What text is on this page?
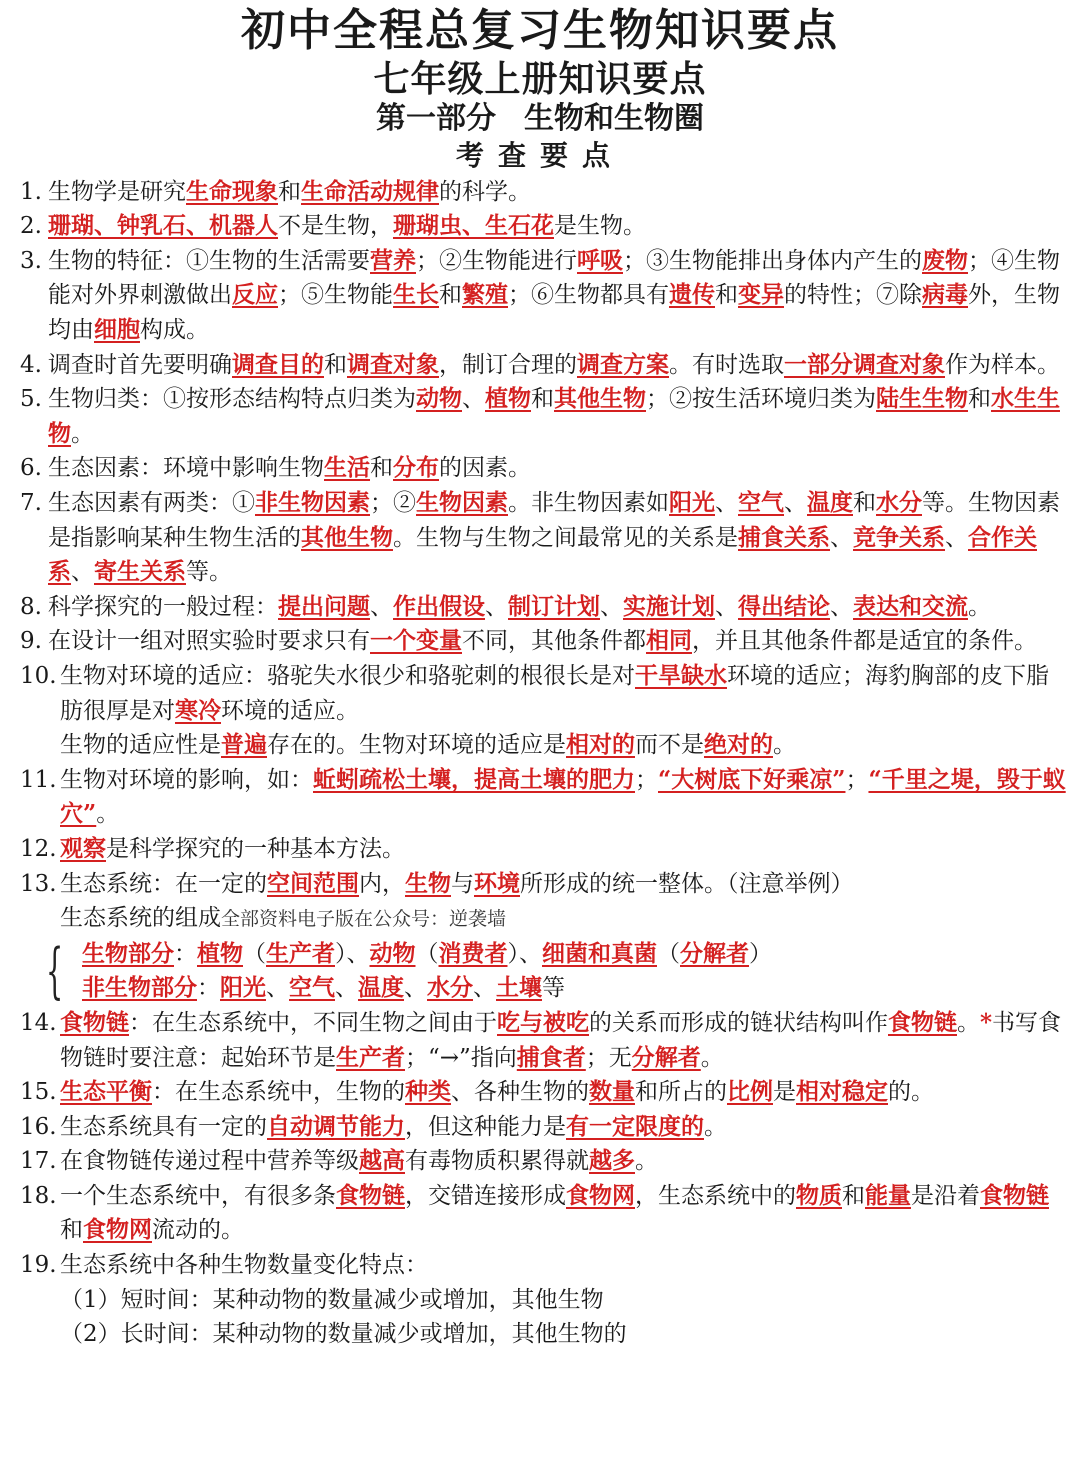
初中全程总复习生物知识要点
七年级上册知识要点
第一部分 生物和生物圈
考查要点
1. 生物学是研究生命现象和生命活动规律的科学。
2. 珊瑚、钟乳石、机器人不是生物，珊瑚虫、生石花是生物。
3. 生物的特征：①生物的生活需要营养；②生物能进行呼吸；③生物能排出身体内产生的废物；④生物能对外界刺激做出反应；⑤生物能生长和繁殖；⑥生物都具有遗传和变异的特性；⑦除病毒外，生物均由细胞构成。
4. 调查时首先要明确调查目的和调查对象，制订合理的调查方案。有时选取一部分调查对象作为样本。
5. 生物归类：①按形态结构特点归类为动物、植物和其他生物；②按生活环境归类为陆生生物和水生生物。
6. 生态因素：环境中影响生物生活和分布的因素。
7. 生态因素有两类：①非生物因素；②生物因素。非生物因素如阳光、空气、温度和水分等。生物因素是指影响某种生物生活的其他生物。生物与生物之间最常见的关系是捕食关系、竞争关系、合作关系、寄生关系等。
8. 科学探究的一般过程：提出问题、作出假设、制订计划、实施计划、得出结论、表达和交流。
9. 在设计一组对照实验时要求只有一个变量不同，其他条件都相同，并且其他条件都是适宜的条件。
10. 生物对环境的适应：骆驼失水很少和骆驼刺的根很长是对干旱缺水环境的适应；海豹胸部的皮下脂肪很厚是对寒冷环境的适应。
生物的适应性是普遍存在的。生物对环境的适应是相对的而不是绝对的。
11. 生物对环境的影响，如：蚯蚓疏松土壤，提高土壤的肥力；“大树底下好乘凉”；“千里之堤，毁于蚁穴”。
12. 观察是科学探究的一种基本方法。
13. 生态系统：在一定的空间范围内，生物与环境所形成的统一整体。（注意举例）
生态系统的组成全部资料电子版在公众号：逆袭墙
{ 生物部分：植物（生产者）、动物（消费者）、细菌和真菌（分解者）
非生物部分：阳光、空气、温度、水分、土壤等
14. 食物链：在生态系统中，不同生物之间由于吃与被吃的关系而形成的链状结构叫作食物链。*书写食物链时要注意：起始环节是生产者；“→”指向捕食者；无分解者。
15. 生态平衡：在生态系统中，生物的种类、各种生物的数量和所占的比例是相对稳定的。
16. 生态系统具有一定的自动调节能力，但这种能力是有一定限度的。
17. 在食物链传递过程中营养等级越高有毒物质积累得就越多。
18. 一个生态系统中，有很多条食物链，交错连接形成食物网，生态系统中的物质和能量是沿着食物链和食物网流动的。
19. 生态系统中各种生物数量变化特点：
（1）短时间：某种动物的数量减少或增加，其他生物
（2）长时间：某种动物的数量减少或增加，其他生物的
